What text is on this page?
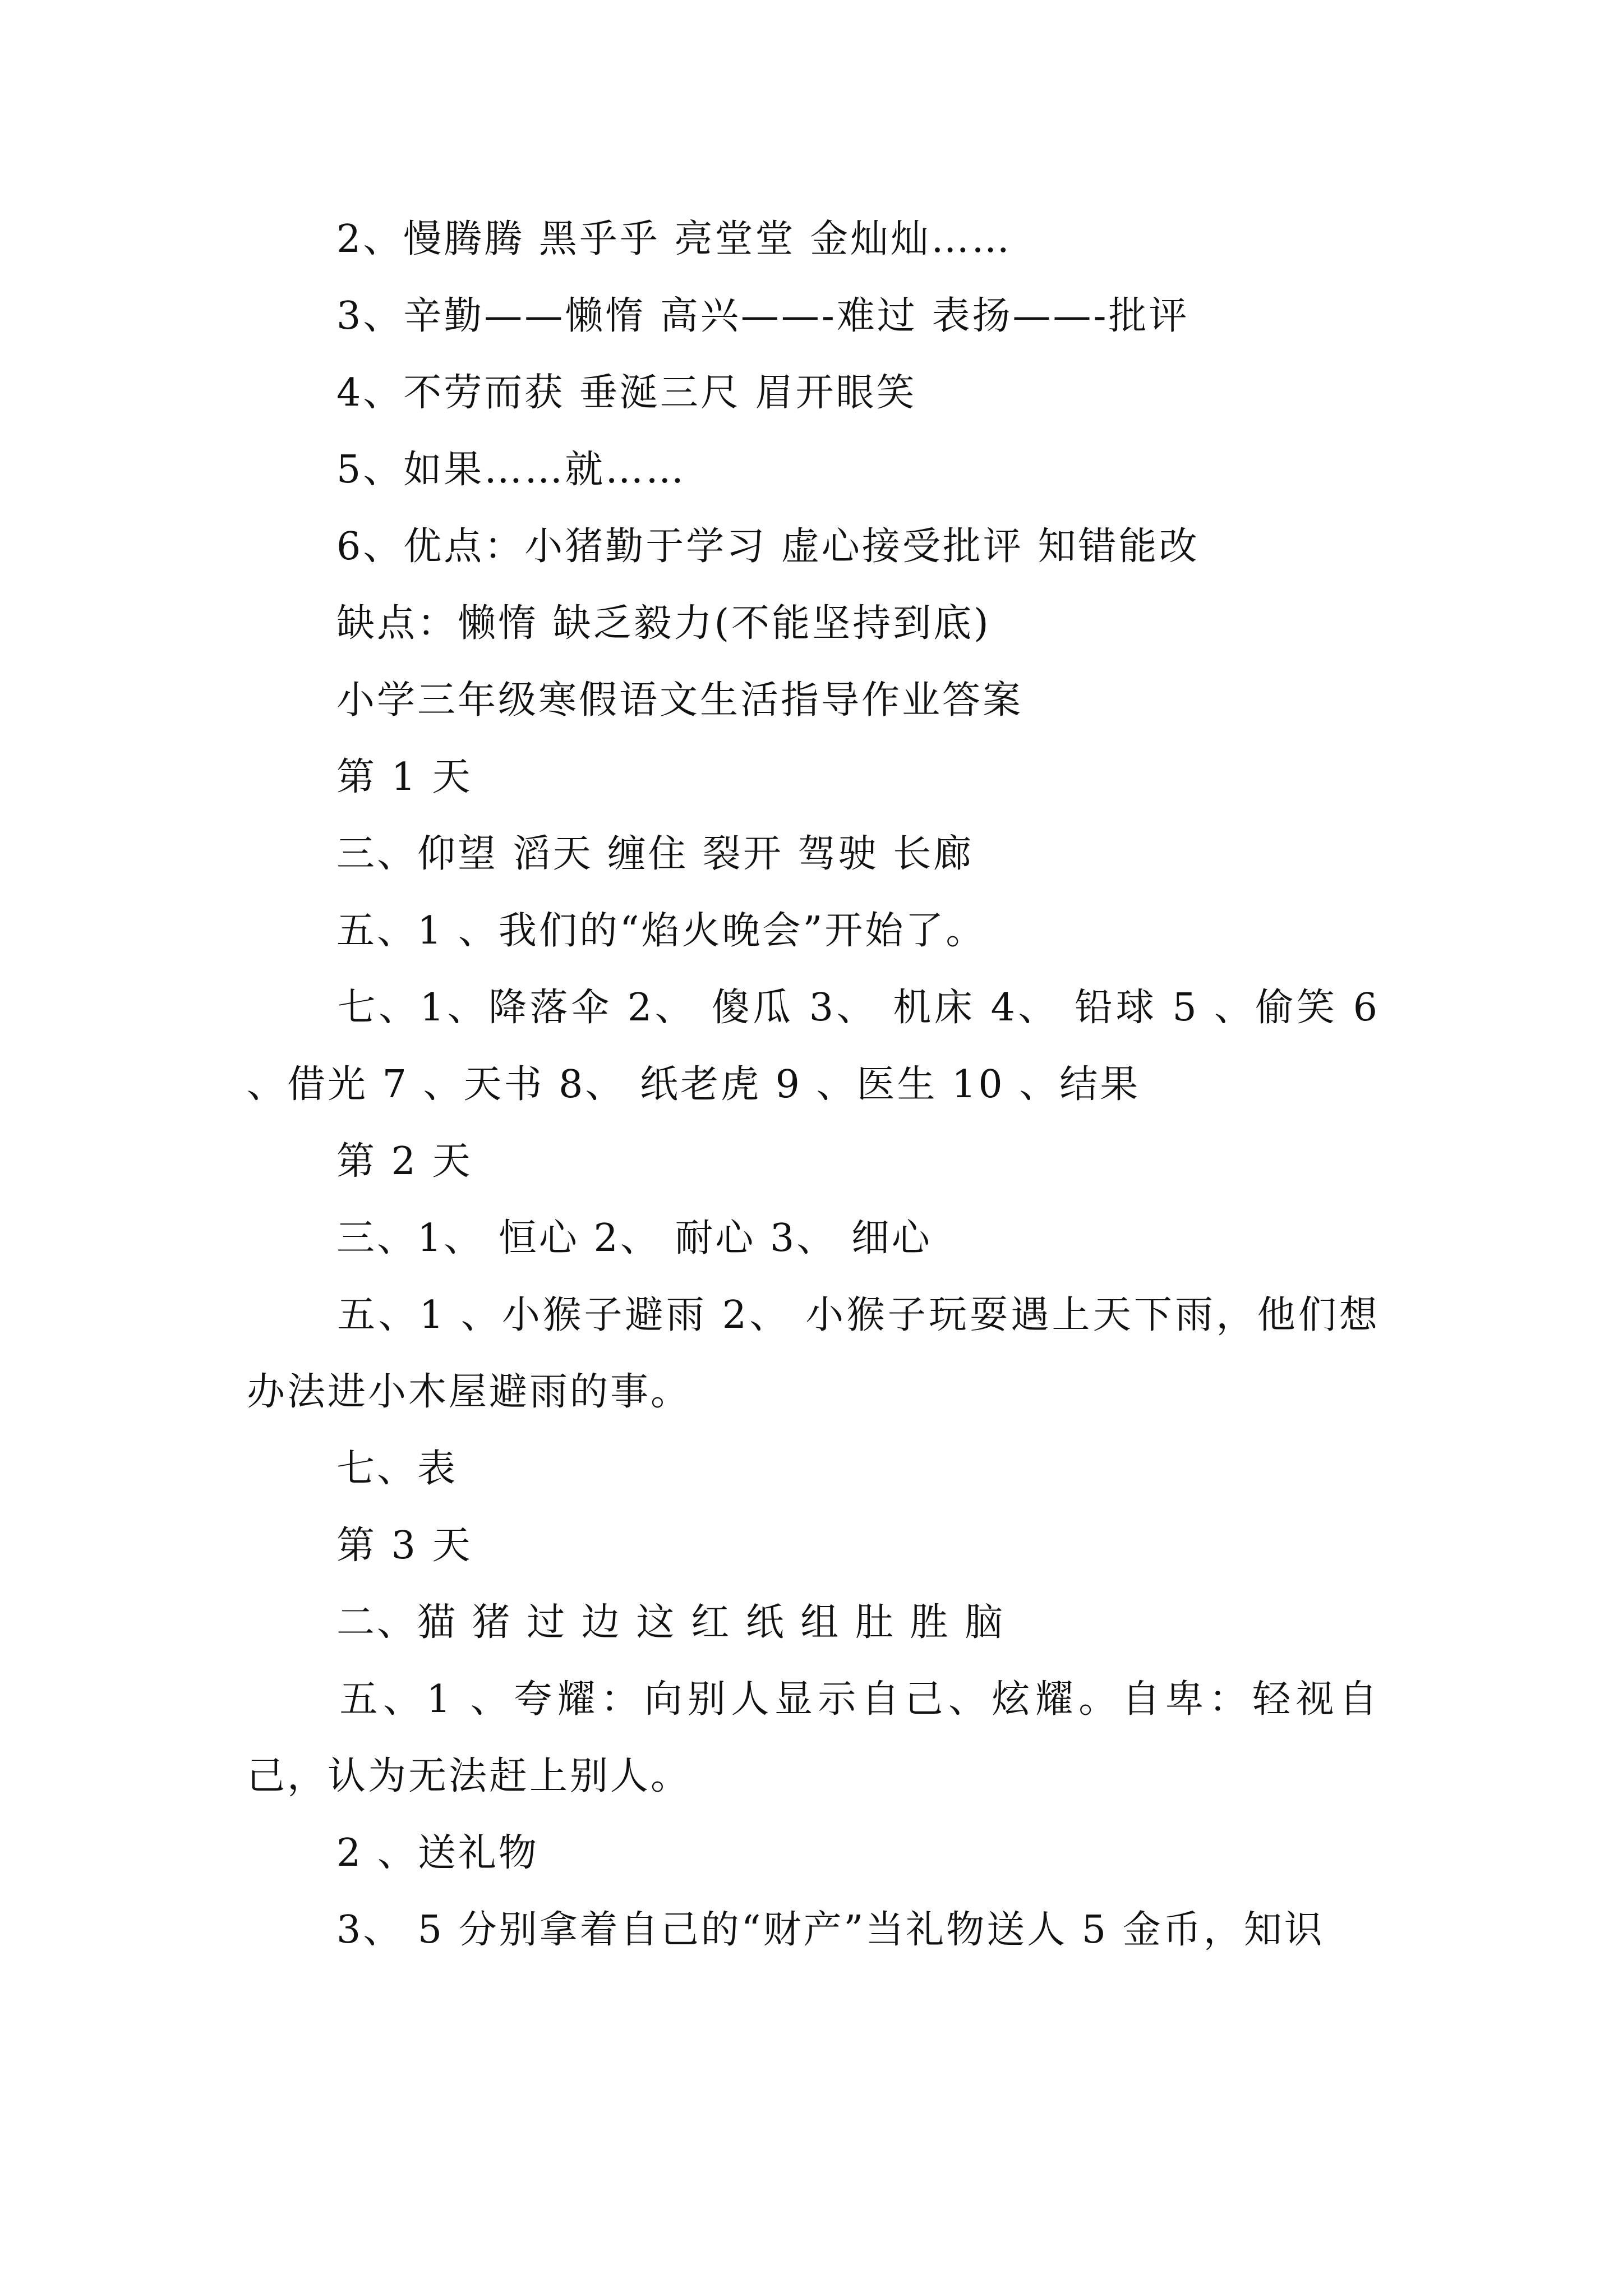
2、慢腾腾 黑乎乎 亮堂堂 金灿灿……
3、辛勤——懒惰 高兴——-难过 表扬——-批评
4、不劳而获 垂涎三尺 眉开眼笑
5、如果……就……
6、优点：小猪勤于学习 虚心接受批评 知错能改
缺点：懒惰 缺乏毅力(不能坚持到底)
小学三年级寒假语文生活指导作业答案
第 1 天
三、仰望 滔天 缠住 裂开 驾驶 长廊
五、1 、我们的“焰火晚会”开始了。
七、1、降落伞 2、 傻瓜 3、 机床 4、 铅球 5 、偷笑 6 、借光 7 、天书 8、 纸老虎 9 、医生 10 、结果
第 2 天
三、1、 恒心 2、 耐心 3、 细心
五、1 、小猴子避雨 2、 小猴子玩耍遇上天下雨，他们想办法进小木屋避雨的事。
七、表
第 3 天
二、猫 猪 过 边 这 红 纸 组 肚 胜 脑
五、1 、夸耀：向别人显示自己、炫耀。自卑：轻视自己，认为无法赶上别人。
2 、送礼物
3、 5 分别拿着自己的“财产”当礼物送人 5 金币，知识
